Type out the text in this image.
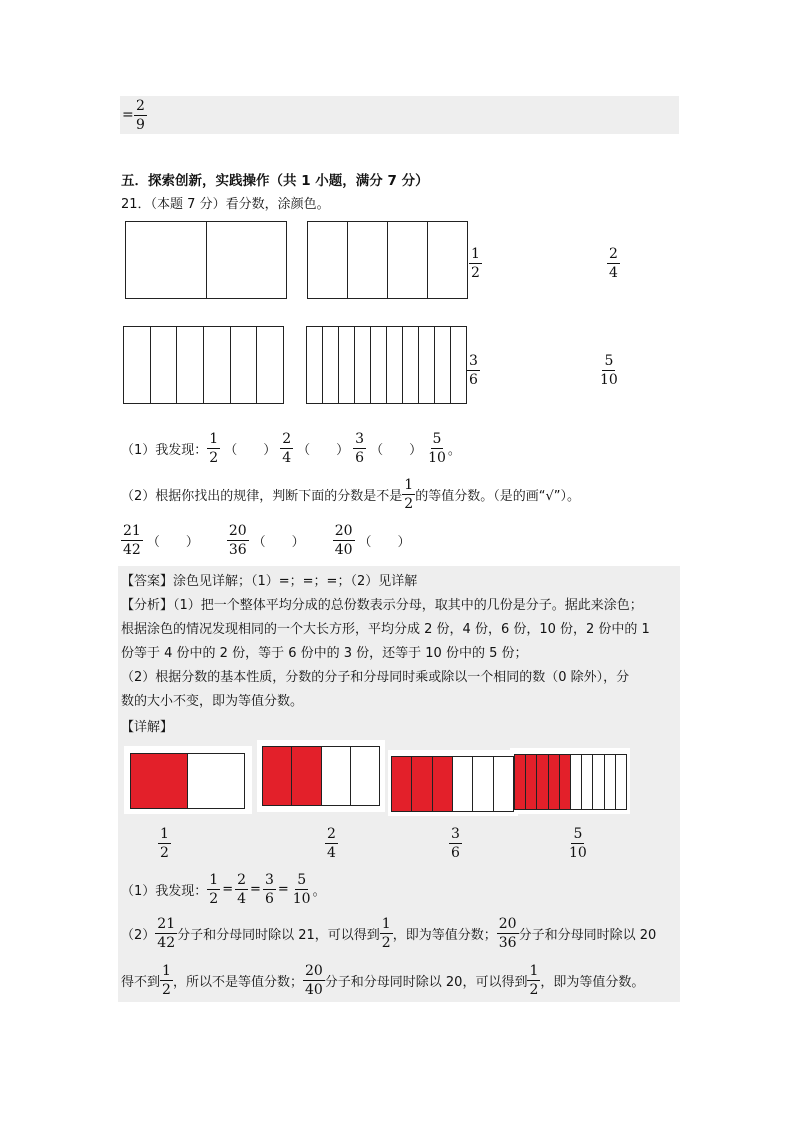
= $\frac{2}{9}$
五．探索创新，实践操作（共 1 小题，满分 7 分）
21．（本题 7 分）看分数，涂颜色。
$\frac{1}{2}$	$\frac{2}{4}$
$\frac{3}{6}$	$\frac{5}{10}$
（1）我发现： $\frac{1}{2}$ （　　） $\frac{2}{4}$ （　　） $\frac{3}{6}$ （　　） $\frac{5}{10}$ 。
（2）根据你找出的规律，判断下面的分数是不是 $\frac{1}{2}$ 的等值分数。（是的画“√”）。
$\frac{21}{42}$ （　　） $\frac{20}{36}$ （　　） $\frac{20}{40}$ （　　）
【答案】涂色见详解；（1）=；=；=；（2）见详解
【分析】（1）把一个整体平均分成的总份数表示分母，取其中的几份是分子。据此来涂色；
根据涂色的情况发现相同的一个大长方形，平均分成 2 份，4 份，6 份，10 份，2 份中的 1
份等于 4 份中的 2 份，等于 6 份中的 3 份，还等于 10 份中的 5 份；
（2）根据分数的基本性质，分数的分子和分母同时乘或除以一个相同的数（0 除外），分
数的大小不变，即为等值分数。
【详解】
$\frac{1}{2}$	$\frac{2}{4}$	$\frac{3}{6}$	$\frac{5}{10}$
（1）我发现： $\frac{1}{2} = \frac{2}{4} = \frac{3}{6} = \frac{5}{10}$ 。
$(2) \frac{21}{42}$ 分子和分母同时除以 21，可以得到 $\frac{1}{2}$ ，即为等值分数； $\frac{20}{36}$ 分子和分母同时除以 20
得不到 $\frac{1}{2}$ ，所以不是等值分数； $\frac{20}{40}$ 分子和分母同时除以 20，可以得到 $\frac{1}{2}$ ，即为等值分数。
